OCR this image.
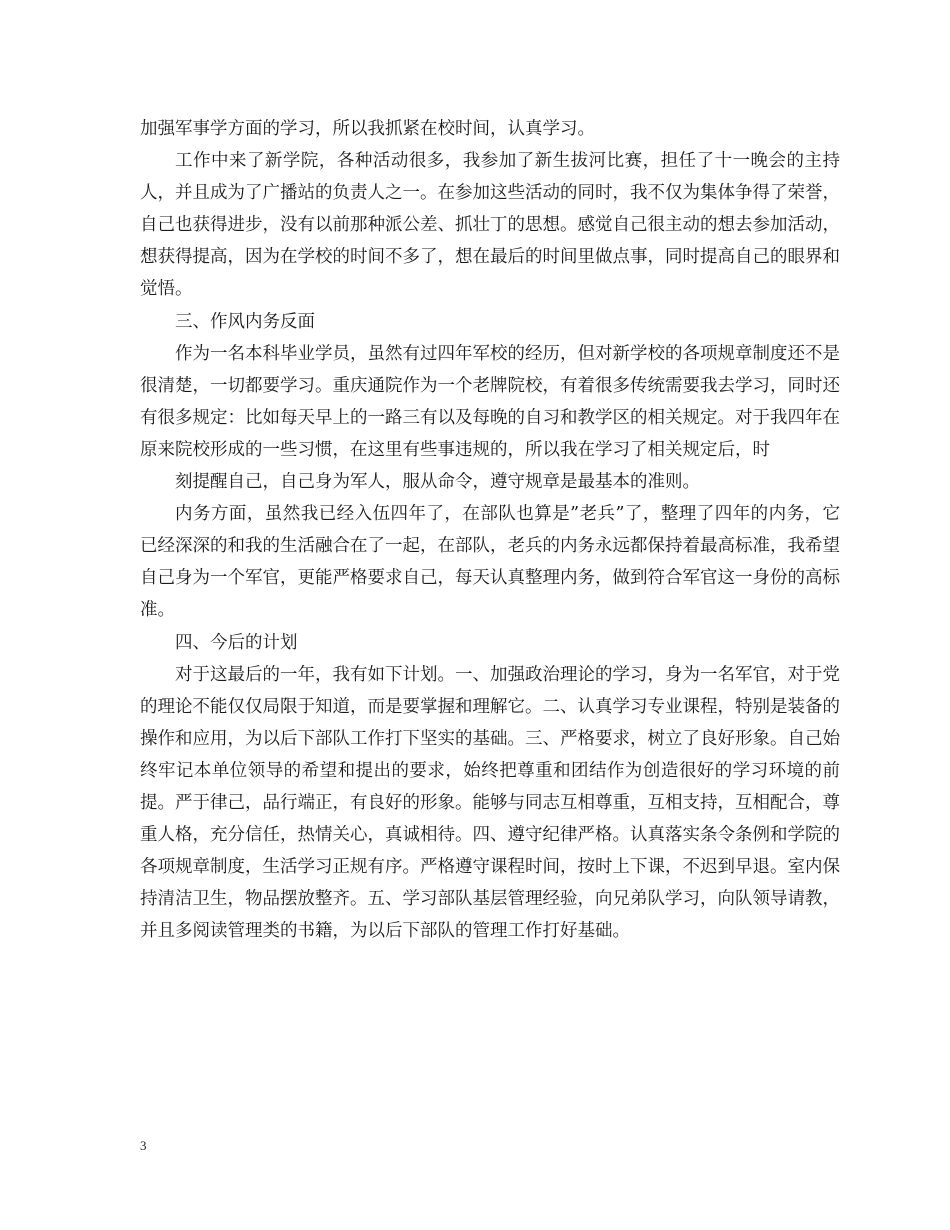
加强军事学方面的学习，所以我抓紧在校时间，认真学习。

工作中来了新学院，各种活动很多，我参加了新生拔河比赛，担任了十一晚会的主持人，并且成为了广播站的负责人之一。在参加这些活动的同时，我不仅为集体争得了荣誉，自己也获得进步，没有以前那种派公差、抓壮丁的思想。感觉自己很主动的想去参加活动，想获得提高，因为在学校的时间不多了，想在最后的时间里做点事，同时提高自己的眼界和觉悟。

三、作风内务反面

作为一名本科毕业学员，虽然有过四年军校的经历，但对新学校的各项规章制度还不是很清楚，一切都要学习。重庆通院作为一个老牌院校，有着很多传统需要我去学习，同时还有很多规定：比如每天早上的一路三有以及每晚的自习和教学区的相关规定。对于我四年在原来院校形成的一些习惯，在这里有些事违规的，所以我在学习了相关规定后，时

刻提醒自己，自己身为军人，服从命令，遵守规章是最基本的准则。

内务方面，虽然我已经入伍四年了，在部队也算是”老兵”了，整理了四年的内务，它已经深深的和我的生活融合在了一起，在部队，老兵的内务永远都保持着最高标准，我希望自己身为一个军官，更能严格要求自己，每天认真整理内务，做到符合军官这一身份的高标准。

四、今后的计划

对于这最后的一年，我有如下计划。一、加强政治理论的学习，身为一名军官，对于党的理论不能仅仅局限于知道，而是要掌握和理解它。二、认真学习专业课程，特别是装备的操作和应用，为以后下部队工作打下坚实的基础。三、严格要求，树立了良好形象。自己始终牢记本单位领导的希望和提出的要求，始终把尊重和团结作为创造很好的学习环境的前提。严于律己，品行端正，有良好的形象。能够与同志互相尊重，互相支持，互相配合，尊重人格，充分信任，热情关心，真诚相待。四、遵守纪律严格。认真落实条令条例和学院的各项规章制度，生活学习正规有序。严格遵守课程时间，按时上下课，不迟到早退。室内保持清洁卫生，物品摆放整齐。五、学习部队基层管理经验，向兄弟队学习，向队领导请教，并且多阅读管理类的书籍，为以后下部队的管理工作打好基础。

3
